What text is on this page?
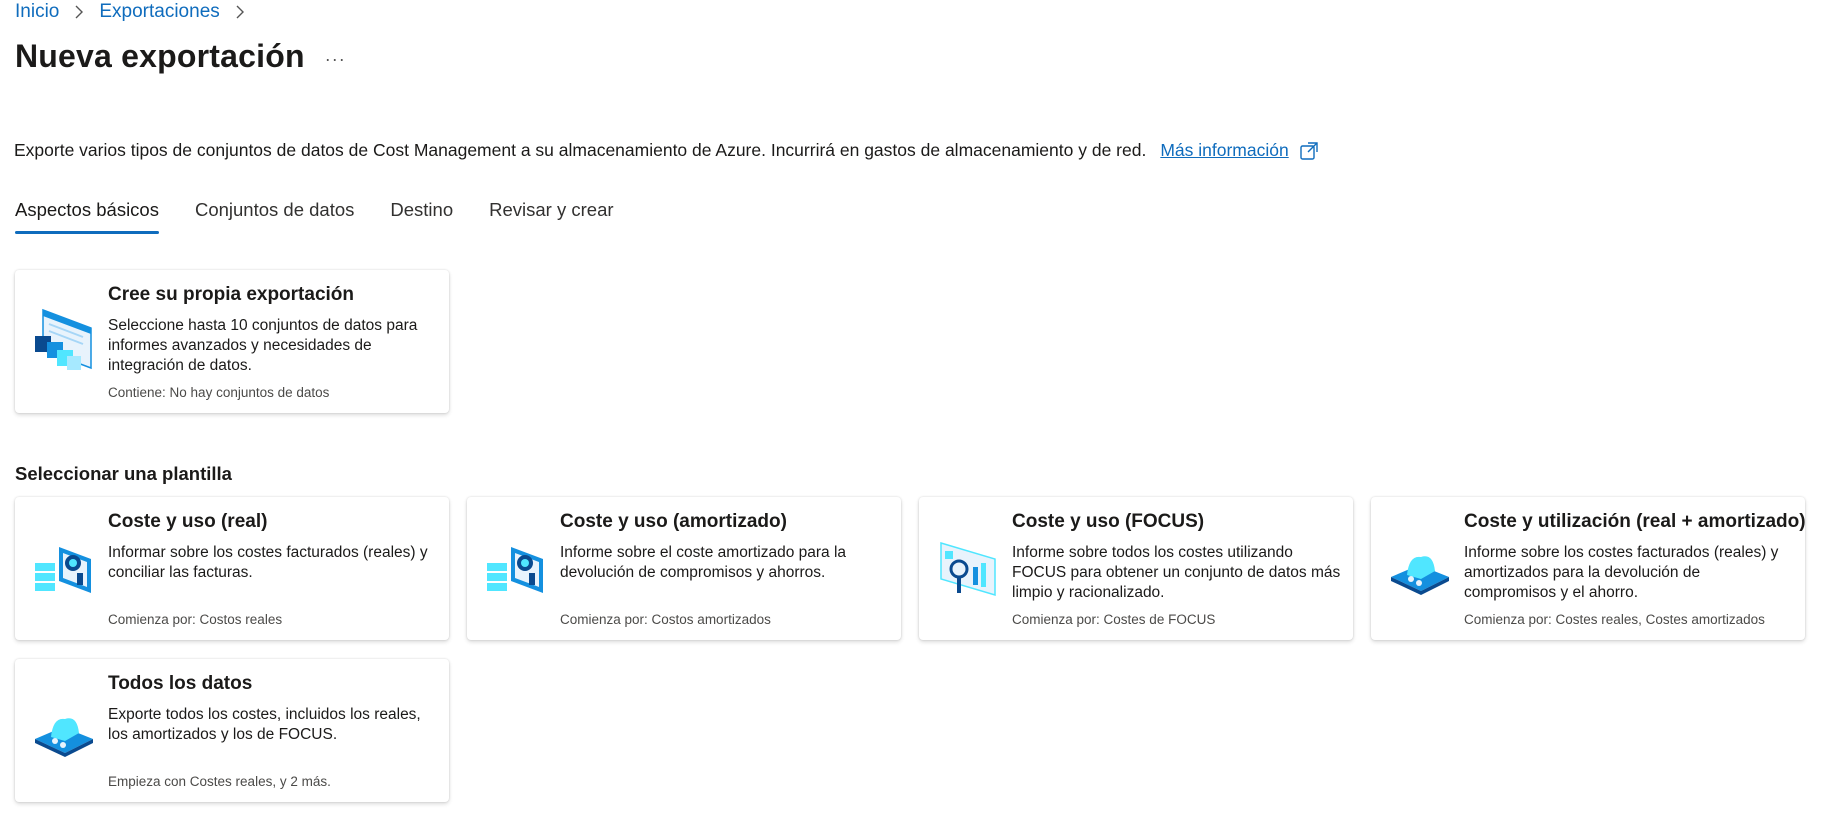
Inicio Exportaciones
Nueva exportación ···
Exporte varios tipos de conjuntos de datos de Cost Management a su almacenamiento de Azure. Incurrirá en gastos de almacenamiento y de red. Más información
Aspectos básicos Conjuntos de datos Destino Revisar y crear
Cree su propia exportación
Seleccione hasta 10 conjuntos de datos para informes avanzados y necesidades de integración de datos.
Contiene: No hay conjuntos de datos
Seleccionar una plantilla
Coste y uso (real)
Informar sobre los costes facturados (reales) y conciliar las facturas.
Comienza por: Costos reales
Coste y uso (amortizado)
Informe sobre el coste amortizado para la devolución de compromisos y ahorros.
Comienza por: Costos amortizados
Coste y uso (FOCUS)
Informe sobre todos los costes utilizando FOCUS para obtener un conjunto de datos más limpio y racionalizado.
Comienza por: Costes de FOCUS
Coste y utilización (real + amortizado)
Informe sobre los costes facturados (reales) y amortizados para la devolución de compromisos y el ahorro.
Comienza por: Costes reales, Costes amortizados
Todos los datos
Exporte todos los costes, incluidos los reales, los amortizados y los de FOCUS.
Empieza con Costes reales, y 2 más.
